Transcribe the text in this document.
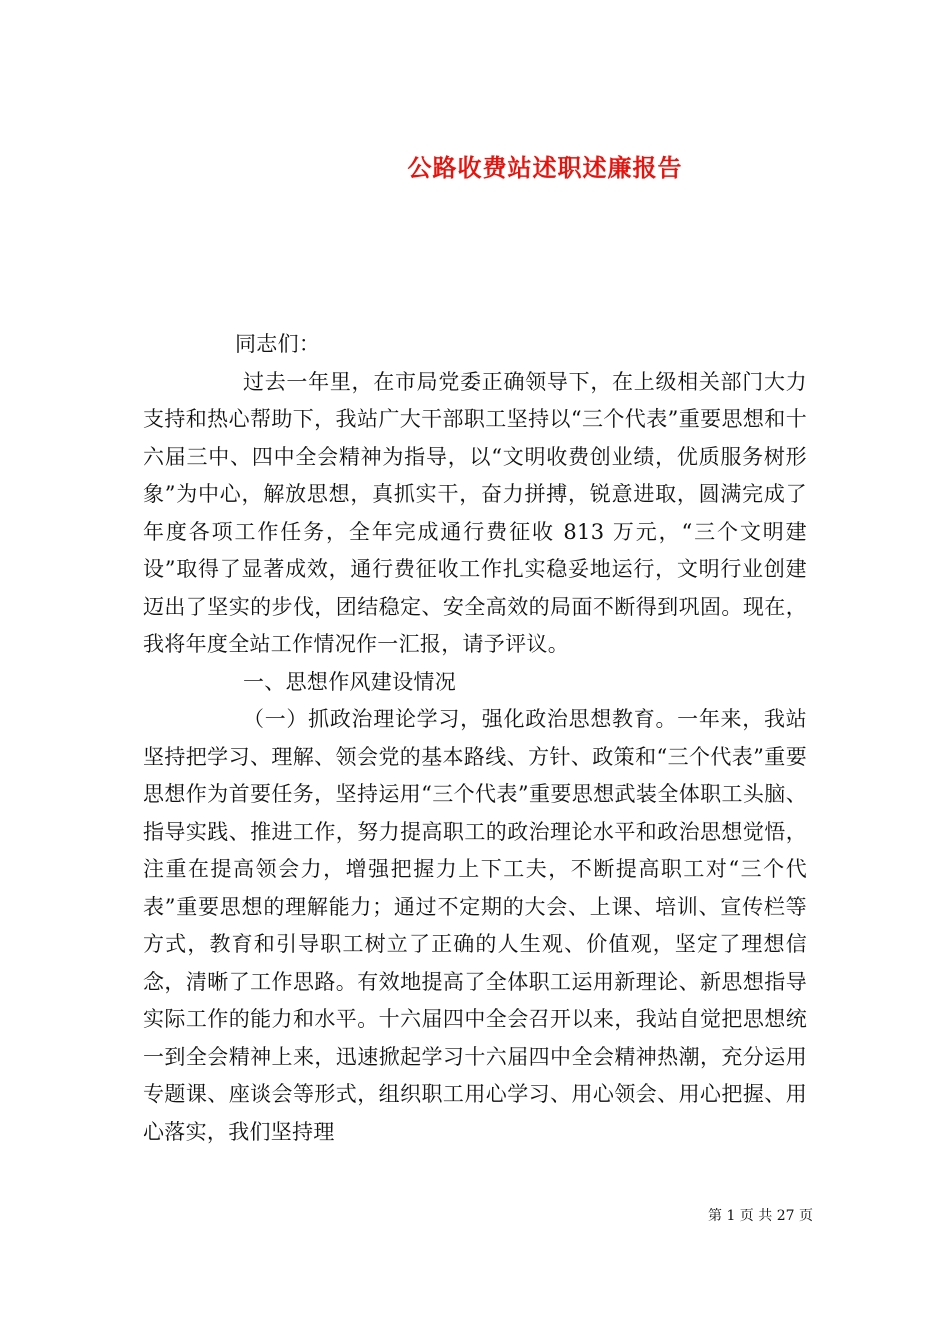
公路收费站述职述廉报告

同志们：

过去一年里，在市局党委正确领导下，在上级相关部门大力支持和热心帮助下，我站广大干部职工坚持以“三个代表”重要思想和十六届三中、四中全会精神为指导，以“文明收费创业绩，优质服务树形象”为中心，解放思想，真抓实干，奋力拼搏，锐意进取，圆满完成了年度各项工作任务，全年完成通行费征收 813 万元，“三个文明建设”取得了显著成效，通行费征收工作扎实稳妥地运行，文明行业创建迈出了坚实的步伐，团结稳定、安全高效的局面不断得到巩固。现在，我将年度全站工作情况作一汇报，请予评议。

一、思想作风建设情况

（一）抓政治理论学习，强化政治思想教育。一年来，我站坚持把学习、理解、领会党的基本路线、方针、政策和“三个代表”重要思想作为首要任务，坚持运用“三个代表”重要思想武装全体职工头脑、指导实践、推进工作，努力提高职工的政治理论水平和政治思想觉悟，注重在提高领会力，增强把握力上下工夫，不断提高职工对“三个代表”重要思想的理解能力；通过不定期的大会、上课、培训、宣传栏等方式，教育和引导职工树立了正确的人生观、价值观，坚定了理想信念，清晰了工作思路。有效地提高了全体职工运用新理论、新思想指导实际工作的能力和水平。十六届四中全会召开以来，我站自觉把思想统一到全会精神上来，迅速掀起学习十六届四中全会精神热潮，充分运用专题课、座谈会等形式，组织职工用心学习、用心领会、用心把握、用心落实，我们坚持理

第 1 页 共 27 页
